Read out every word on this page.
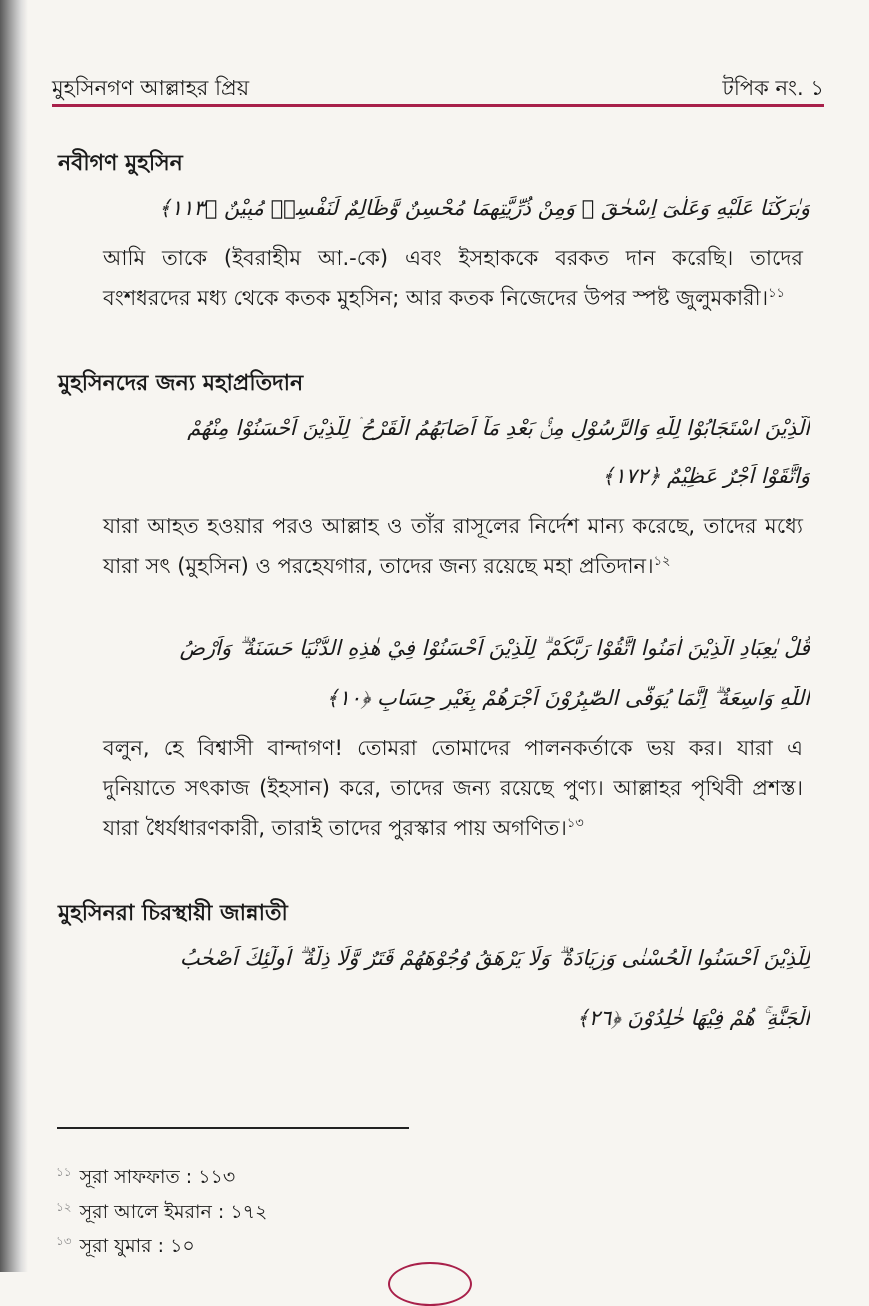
মুহসিনগণ আল্লাহর প্রিয়	টপিক নং. ১
নবীগণ মুহসিন
وَبٰرَكْنَا عَلَيْهِ وَعَلٰىٓ اِسْحٰقَ ۗ وَمِنْ ذُرِّيَّتِهِمَا مُحْسِنٌ وَّظَالِمٌ لِّنَفْسِهٖ مُبِيْنٌ ﴿١١٣﴾
আমি তাকে (ইবরাহীম আ.-কে) এবং ইসহাককে বরকত দান করেছি। তাদের বংশধরদের মধ্য থেকে কতক মুহসিন; আর কতক নিজেদের উপর স্পষ্ট জুলুমকারী।$^{১১}$
মুহসিনদের জন্য মহাপ্রতিদান
اَلَّذِيْنَ اسْتَجَابُوْا لِلّٰهِ وَالرَّسُوْلِ مِنْۢ بَعْدِ مَآ اَصَابَهُمُ الْقَرْحُ ۛ لِلَّذِيْنَ اَحْسَنُوْا مِنْهُمْ
وَاتَّقَوْا اَجْرٌ عَظِيْمٌ ﴿١٧٢﴾
যারা আহত হওয়ার পরও আল্লাহ ও তাঁর রাসূলের নির্দেশ মান্য করেছে, তাদের মধ্যে যারা সৎ (মুহসিন) ও পরহেযগার, তাদের জন্য রয়েছে মহা প্রতিদান।$^{১২}$
قُلْ يٰعِبَادِ الَّذِيْنَ اٰمَنُوا اتَّقُوْا رَبَّكُمْ ۗ لِلَّذِيْنَ اَحْسَنُوْا فِيْ هٰذِهِ الدُّنْيَا حَسَنَةٌ ۗ وَاَرْضُ
اللّٰهِ وَاسِعَةٌ ۗ اِنَّمَا يُوَفَّى الصّٰبِرُوْنَ اَجْرَهُمْ بِغَيْرِ حِسَابٍ ﴿١٠﴾
বলুন, হে বিশ্বাসী বান্দাগণ! তোমরা তোমাদের পালনকর্তাকে ভয় কর। যারা এ দুনিয়াতে সৎকাজ (ইহসান) করে, তাদের জন্য রয়েছে পুণ্য। আল্লাহর পৃথিবী প্রশস্ত। যারা ধৈর্যধারণকারী, তারাই তাদের পুরস্কার পায় অগণিত।$^{১৩}$
মুহসিনরা চিরস্থায়ী জান্নাতী
لِلَّذِيْنَ اَحْسَنُوا الْحُسْنٰى وَزِيَادَةٌ ۗ وَلَا يَرْهَقُ وُجُوْهَهُمْ قَتَرٌ وَّلَا ذِلَّةٌ ۗ اُولٰٓئِكَ اَصْحٰبُ
الْجَنَّةِ ۚ هُمْ فِيْهَا خٰلِدُوْنَ ﴿٢٦﴾
$^{১১}$ সূরা সাফফাত : ১১৩
$^{১২}$ সূরা আলে ইমরান : ১৭২
$^{১৩}$ সূরা যুমার : ১০
